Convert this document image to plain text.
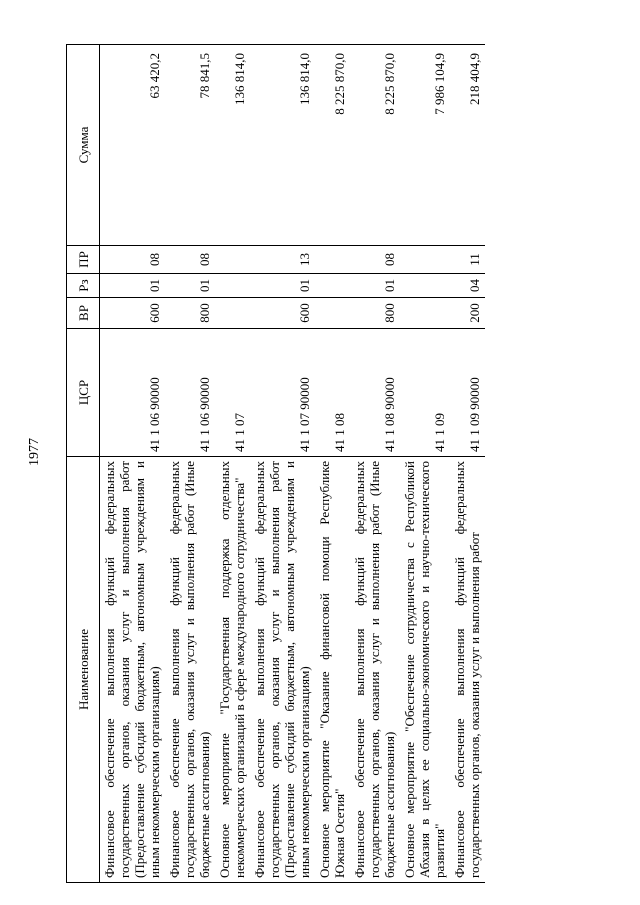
1977
Наименование	ЦСР	ВР	Рз	ПР	Сумма
Финансовое обеспечение выполнения функций федеральных государственных органов, оказания услуг и выполнения работ (Предоставление субсидий бюджетным, автономным учреждениям и иным некоммерческим организациям)	41 1 06 90000	600	01	08	63 420,2
Финансовое обеспечение выполнения функций федеральных государственных органов, оказания услуг и выполнения работ (Иные бюджетные ассигнования)	41 1 06 90000	800	01	08	78 841,5
Основное мероприятие "Государственная поддержка отдельных некоммерческих организаций в сфере международного сотрудничества"	41 1 07				136 814,0
Финансовое обеспечение выполнения функций федеральных государственных органов, оказания услуг и выполнения работ (Предоставление субсидий бюджетным, автономным учреждениям и иным некоммерческим организациям)	41 1 07 90000	600	01	13	136 814,0
Основное мероприятие "Оказание финансовой помощи Республике Южная Осетия"	41 1 08				8 225 870,0
Финансовое обеспечение выполнения функций федеральных государственных органов, оказания услуг и выполнения работ (Иные бюджетные ассигнования)	41 1 08 90000	800	01	08	8 225 870,0
Основное мероприятие "Обеспечение сотрудничества с Республикой Абхазия в целях ее социально-экономического и научно-технического развития"	41 1 09				7 986 104,9
Финансовое обеспечение выполнения функций федеральных государственных органов, оказания услуг и выполнения работ	41 1 09 90000	200	04	11	218 404,9
